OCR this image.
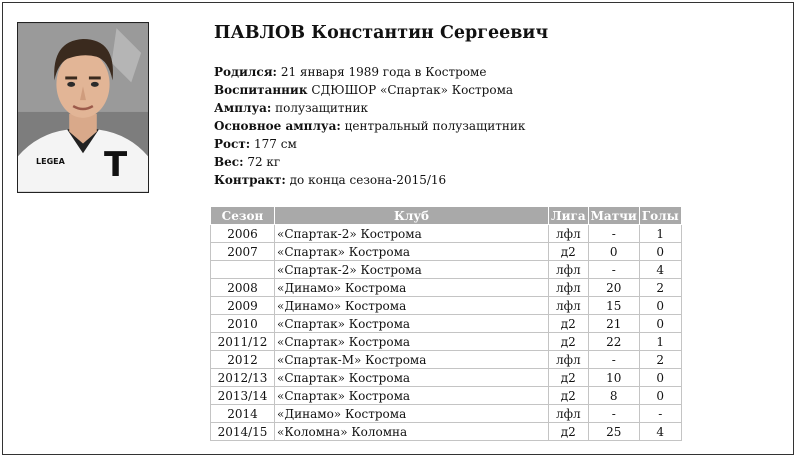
LEGEA T
ПАВЛОВ Константин Сергеевич
Родился: 21 января 1989 года в Костроме
Воспитанник СДЮШОР «Спартак» Кострома
Амплуа: полузащитник
Основное амплуа: центральный полузащитник
Рост: 177 см
Вес: 72 кг
Контракт: до конца сезона-2015/16
Сезон	Клуб	Лига	Матчи	Голы
2006	«Спартак-2» Кострома	лфл	-	1
2007	«Спартак» Кострома	д2	0	0
	«Спартак-2» Кострома	лфл	-	4
2008	«Динамо» Кострома	лфл	20	2
2009	«Динамо» Кострома	лфл	15	0
2010	«Спартак» Кострома	д2	21	0
2011/12	«Спартак» Кострома	д2	22	1
2012	«Спартак-М» Кострома	лфл	-	2
2012/13	«Спартак» Кострома	д2	10	0
2013/14	«Спартак» Кострома	д2	8	0
2014	«Динамо» Кострома	лфл	-	-
2014/15	«Коломна» Коломна	д2	25	4
